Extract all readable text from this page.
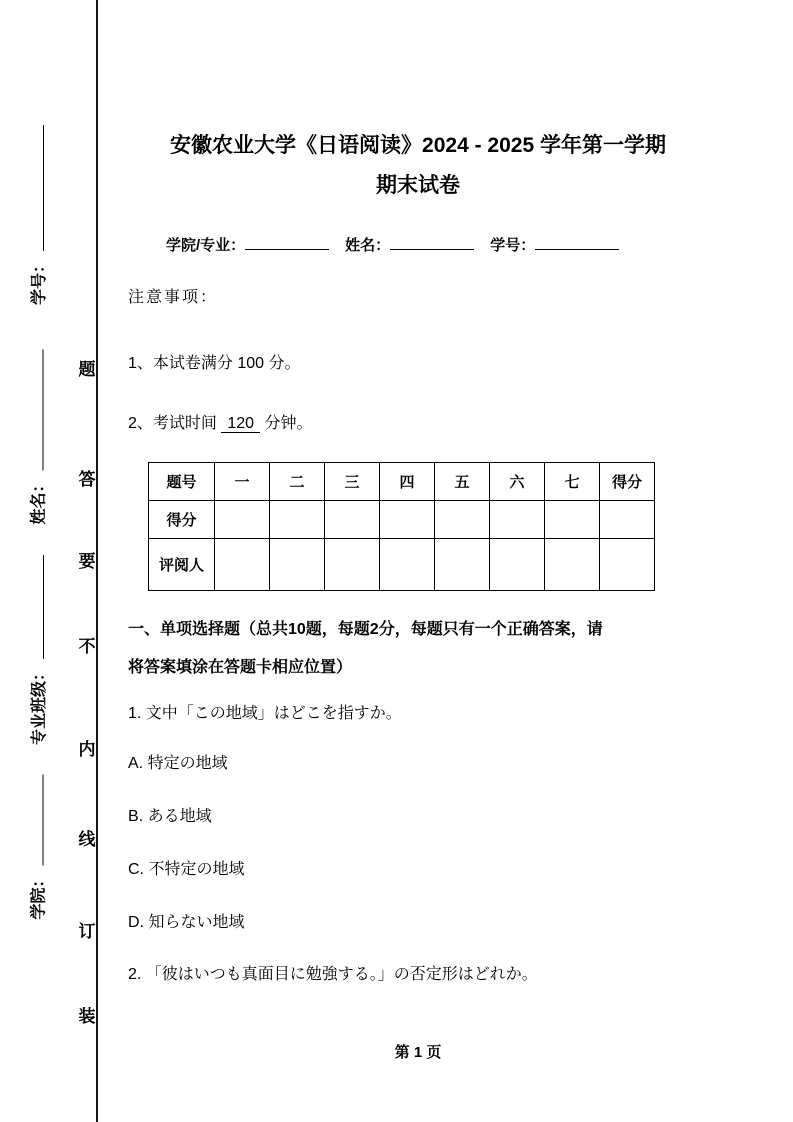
学号：
姓名：
专业班级：
学院：
题
答
要
不
内
线
订
装
安徽农业大学《日语阅读》2024 - 2025 学年第一学期
期末试卷
学院/专业：	姓名：	学号：
注意事项：
1、本试卷满分 100 分。
2、考试时间 120 分钟。
题号	一	二	三	四	五	六	七	得分
得分								
评阅人								
一、单项选择题（总共10题，每题2分，每题只有一个正确答案，请
将答案填涂在答题卡相应位置）
1. 文中「この地域」はどこを指すか。
A. 特定の地域
B. ある地域
C. 不特定の地域
D. 知らない地域
2. 「彼はいつも真面目に勉強する。」の否定形はどれか。
第 1 页
